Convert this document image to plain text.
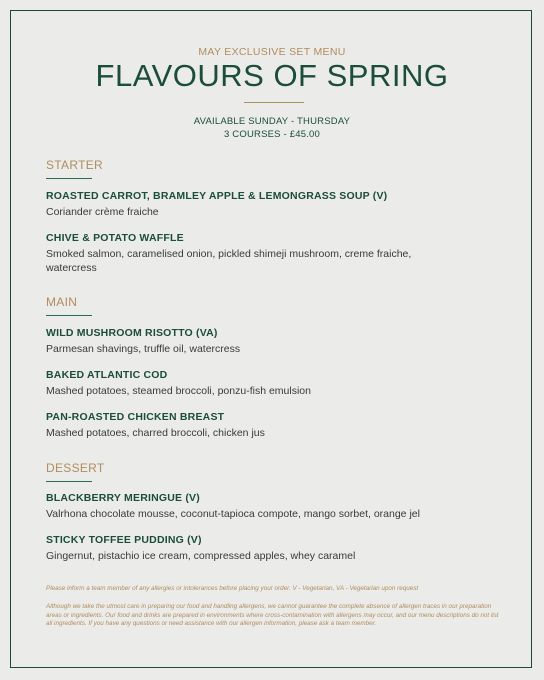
MAY EXCLUSIVE SET MENU
FLAVOURS OF SPRING
AVAILABLE SUNDAY - THURSDAY
3 COURSES - £45.00
STARTER
ROASTED CARROT, BRAMLEY APPLE & LEMONGRASS SOUP (V)
Coriander crème fraiche
CHIVE & POTATO WAFFLE
Smoked salmon, caramelised onion, pickled shimeji mushroom, creme fraiche, watercress
MAIN
WILD MUSHROOM RISOTTO (VA)
Parmesan shavings, truffle oil, watercress
BAKED ATLANTIC COD
Mashed potatoes, steamed broccoli, ponzu-fish emulsion
PAN-ROASTED CHICKEN BREAST
Mashed potatoes, charred broccoli, chicken jus
DESSERT
BLACKBERRY MERINGUE (V)
Valrhona chocolate mousse, coconut-tapioca compote, mango sorbet, orange jel
STICKY TOFFEE PUDDING (V)
Gingernut, pistachio ice cream, compressed apples, whey caramel
Please inform a team member of any allergies or intolerances before placing your order. V - Vegetarian, VA - Vegetarian upon request
Although we take the utmost care in preparing our food and handling allergens, we cannot guarantee the complete absence of allergen traces in our preparation areas or ingredients. Our food and drinks are prepared in environments where cross-contamination with allergens may occur, and our menu descriptions do not list all ingredients. If you have any questions or need assistance with our allergen information, please ask a team member.
